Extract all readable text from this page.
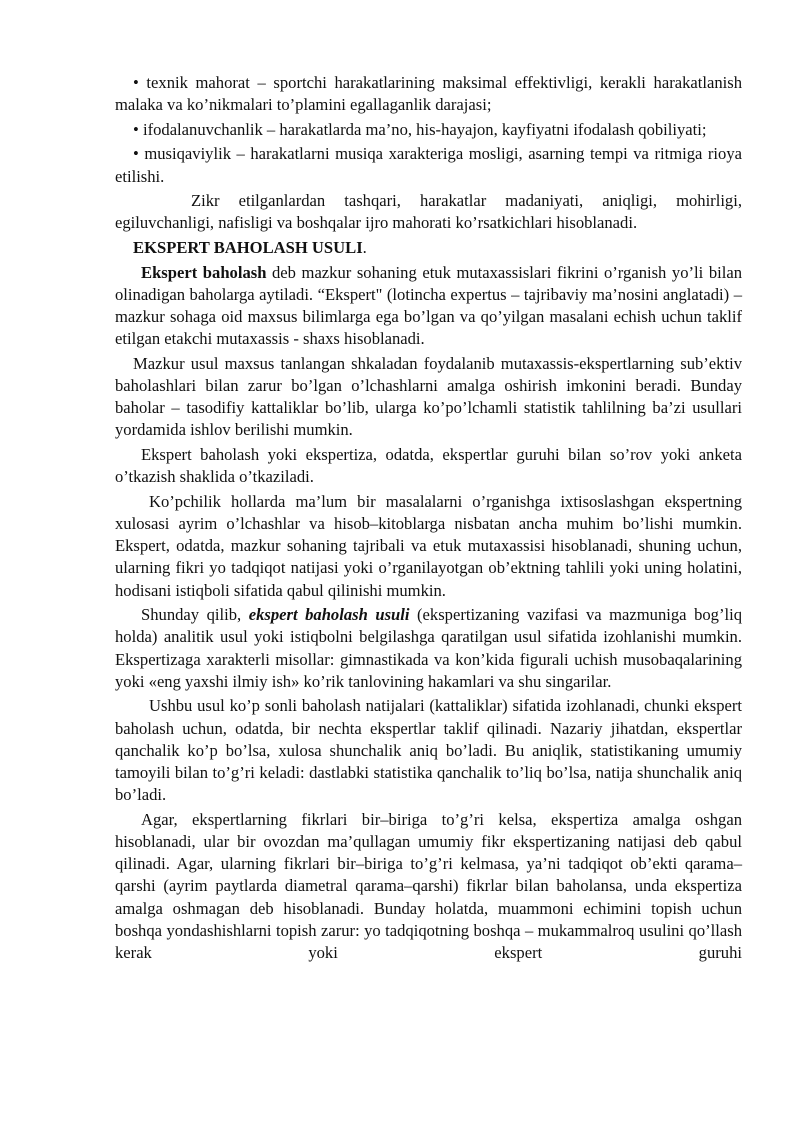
• texnik mahorat – sportchi harakatlarining maksimal effektivligi, kerakli harakatlanish malaka va ko’nikmalari to’plamini egallaganlik darajasi;

• ifodalanuvchanlik – harakatlarda ma’no, his-hayajon, kayfiyatni ifodalash qobiliyati;

• musiqaviylik – harakatlarni musiqa xarakteriga mosligi, asarning tempi va ritmiga rioya etilishi.

Zikr etilganlardan tashqari, harakatlar madaniyati, aniqligi, mohirligi, egiluvchanligi, nafisligi va boshqalar ijro mahorati ko’rsatkichlari hisoblanadi.

EKSPERT BAHOLASH USULI.

Ekspert baholash deb mazkur sohaning etuk mutaxassislari fikrini o’rganish yo’li bilan olinadigan baholarga aytiladi. “Ekspert" (lotincha expertus – tajribaviy ma’nosini anglatadi) – mazkur sohaga oid maxsus bilimlarga ega bo’lgan va qo’yilgan masalani echish uchun taklif etilgan etakchi mutaxassis - shaxs hisoblanadi.

Mazkur usul maxsus tanlangan shkaladan foydalanib mutaxassis-ekspertlarning sub’ektiv baholashlari bilan zarur bo’lgan o’lchashlarni amalga oshirish imkonini beradi. Bunday baholar – tasodifiy kattaliklar bo’lib, ularga ko’po’lchamli statistik tahlilning ba’zi usullari yordamida ishlov berilishi mumkin.

Ekspert baholash yoki ekspertiza, odatda, ekspertlar guruhi bilan so’rov yoki anketa o’tkazish shaklida o’tkaziladi.

Ko’pchilik hollarda ma’lum bir masalalarni o’rganishga ixtisoslashgan ekspertning xulosasi ayrim o’lchashlar va hisob–kitoblarga nisbatan ancha muhim bo’lishi mumkin. Ekspert, odatda, mazkur sohaning tajribali va etuk mutaxassisi hisoblanadi, shuning uchun, ularning fikri yo tadqiqot natijasi yoki o’rganilayotgan ob’ektning tahlili yoki uning holatini, hodisani istiqboli sifatida qabul qilinishi mumkin.

Shunday qilib, ekspert baholash usuli (ekspertizaning vazifasi va mazmuniga bog’liq holda) analitik usul yoki istiqbolni belgilashga qaratilgan usul sifatida izohlanishi mumkin. Ekspertizaga xarakterli misollar: gimnastikada va kon’kida figurali uchish musobaqalarining yoki «eng yaxshi ilmiy ish» ko’rik tanlovining hakamlari va shu singarilar.

Ushbu usul ko’p sonli baholash natijalari (kattaliklar) sifatida izohlanadi, chunki ekspert baholash uchun, odatda, bir nechta ekspertlar taklif qilinadi. Nazariy jihatdan, ekspertlar qanchalik ko’p bo’lsa, xulosa shunchalik aniq bo’ladi. Bu aniqlik, statistikaning umumiy tamoyili bilan to’g’ri keladi: dastlabki statistika qanchalik to’liq bo’lsa, natija shunchalik aniq bo’ladi.

Agar, ekspertlarning fikrlari bir–biriga to’g’ri kelsa, ekspertiza amalga oshgan hisoblanadi, ular bir ovozdan ma’qullagan umumiy fikr ekspertizaning natijasi deb qabul qilinadi. Agar, ularning fikrlari bir–biriga to’g’ri kelmasa, ya’ni tadqiqot ob’ekti qarama–qarshi (ayrim paytlarda diametral qarama–qarshi) fikrlar bilan baholansa, unda ekspertiza amalga oshmagan deb hisoblanadi. Bunday holatda, muammoni echimini topish uchun boshqa yondashishlarni topish zarur: yo tadqiqotning boshqa – mukammalroq usulini qo’llash kerak yoki ekspert guruhi
